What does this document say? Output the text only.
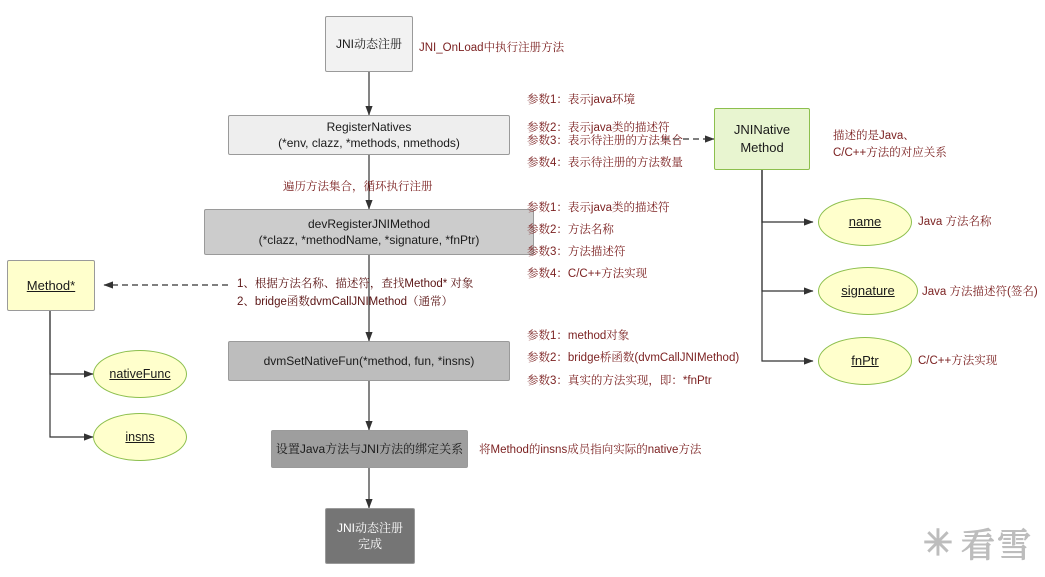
JNI动态注册
RegisterNatives
(*env, clazz, *methods, nmethods)
devRegisterJNIMethod
(*clazz, *methodName, *signature, *fnPtr)
dvmSetNativeFun(*method, fun, *insns)
设置Java方法与JNI方法的绑定关系
JNI动态注册
完成
Method*
nativeFunc
insns
JNINative
Method
name
signature
fnPtr
JNI_OnLoad中执行注册方法
参数1：表示java环境
参数2：表示java类的描述符
参数3：表示待注册的方法集合
参数4：表示待注册的方法数量
遍历方法集合，循环执行注册
参数1：表示java类的描述符
参数2：方法名称
参数3：方法描述符
参数4：C/C++方法实现
1、根据方法名称、描述符，查找Method* 对象
2、bridge函数dvmCallJNIMethod（通常）
参数1：method对象
参数2：bridge桥函数(dvmCallJNIMethod)
参数3：真实的方法实现，即：*fnPtr
将Method的insns成员指向实际的native方法
描述的是Java、
C/C++方法的对应关系
Java 方法名称
Java 方法描述符(签名)
C/C++方法实现
✳ 看雪
